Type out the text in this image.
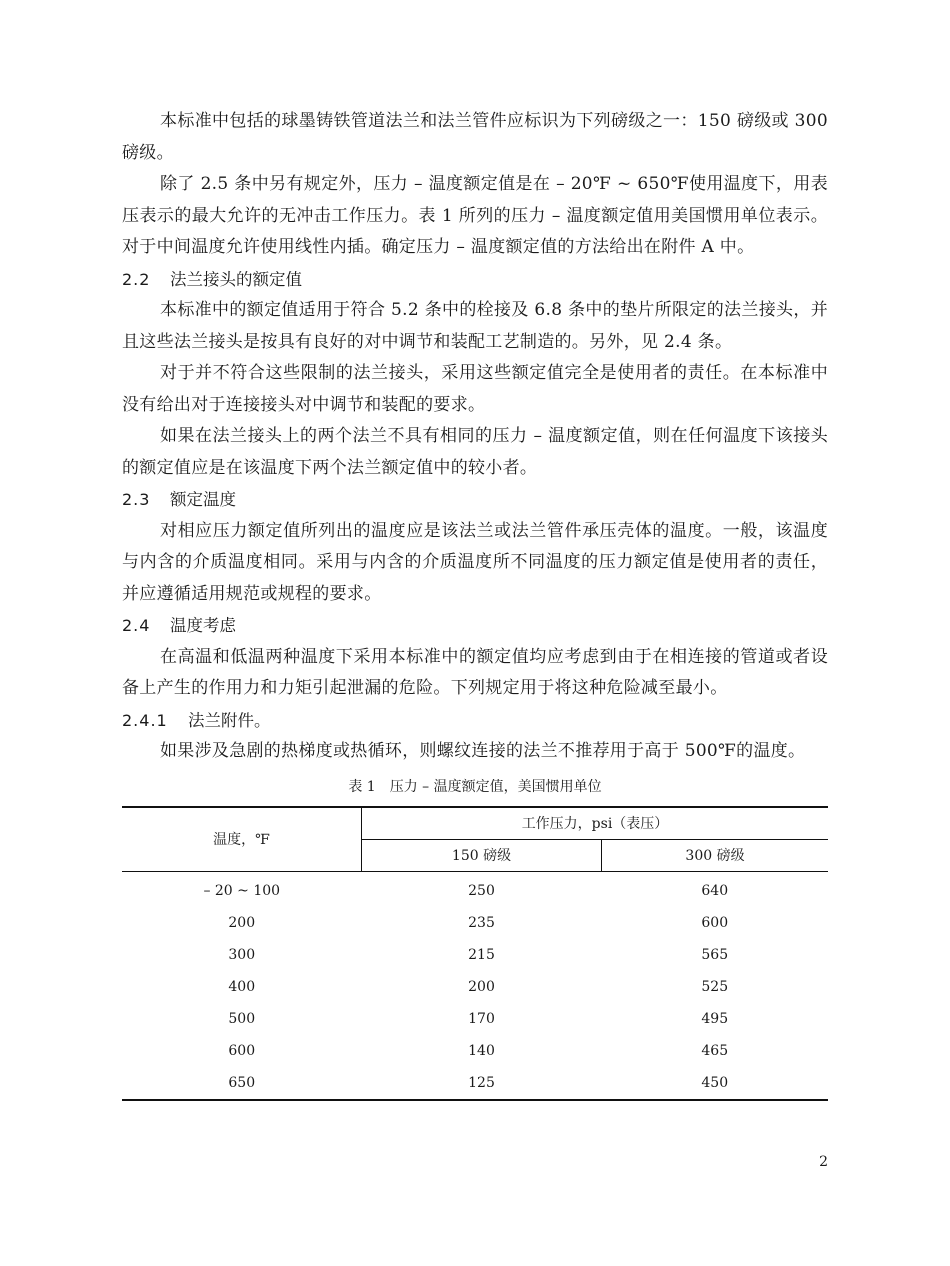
本标准中包括的球墨铸铁管道法兰和法兰管件应标识为下列磅级之一：150 磅级或 300 磅级。

除了 2.5 条中另有规定外，压力 – 温度额定值是在 – 20℉ ~ 650℉使用温度下，用表压表示的最大允许的无冲击工作压力。表 1 所列的压力 – 温度额定值用美国惯用单位表示。对于中间温度允许使用线性内插。确定压力 – 温度额定值的方法给出在附件 A 中。

2.2	法兰接头的额定值

本标准中的额定值适用于符合 5.2 条中的栓接及 6.8 条中的垫片所限定的法兰接头，并且这些法兰接头是按具有良好的对中调节和装配工艺制造的。另外，见 2.4 条。

对于并不符合这些限制的法兰接头，采用这些额定值完全是使用者的责任。在本标准中没有给出对于连接接头对中调节和装配的要求。

如果在法兰接头上的两个法兰不具有相同的压力 – 温度额定值，则在任何温度下该接头的额定值应是在该温度下两个法兰额定值中的较小者。

2.3	额定温度

对相应压力额定值所列出的温度应是该法兰或法兰管件承压壳体的温度。一般，该温度与内含的介质温度相同。采用与内含的介质温度所不同温度的压力额定值是使用者的责任，并应遵循适用规范或规程的要求。

2.4	温度考虑

在高温和低温两种温度下采用本标准中的额定值均应考虑到由于在相连接的管道或者设备上产生的作用力和力矩引起泄漏的危险。下列规定用于将这种危险减至最小。

2.4.1	法兰附件。

如果涉及急剧的热梯度或热循环，则螺纹连接的法兰不推荐用于高于 500℉的温度。

表 1　压力 – 温度额定值，美国惯用单位
温度，℉	工作压力，psi（表压）	
	150 磅级	300 磅级
– 20 ~ 100	250	640
200	235	600
300	215	565
400	200	525
500	170	495
600	140	465
650	125	450
2
